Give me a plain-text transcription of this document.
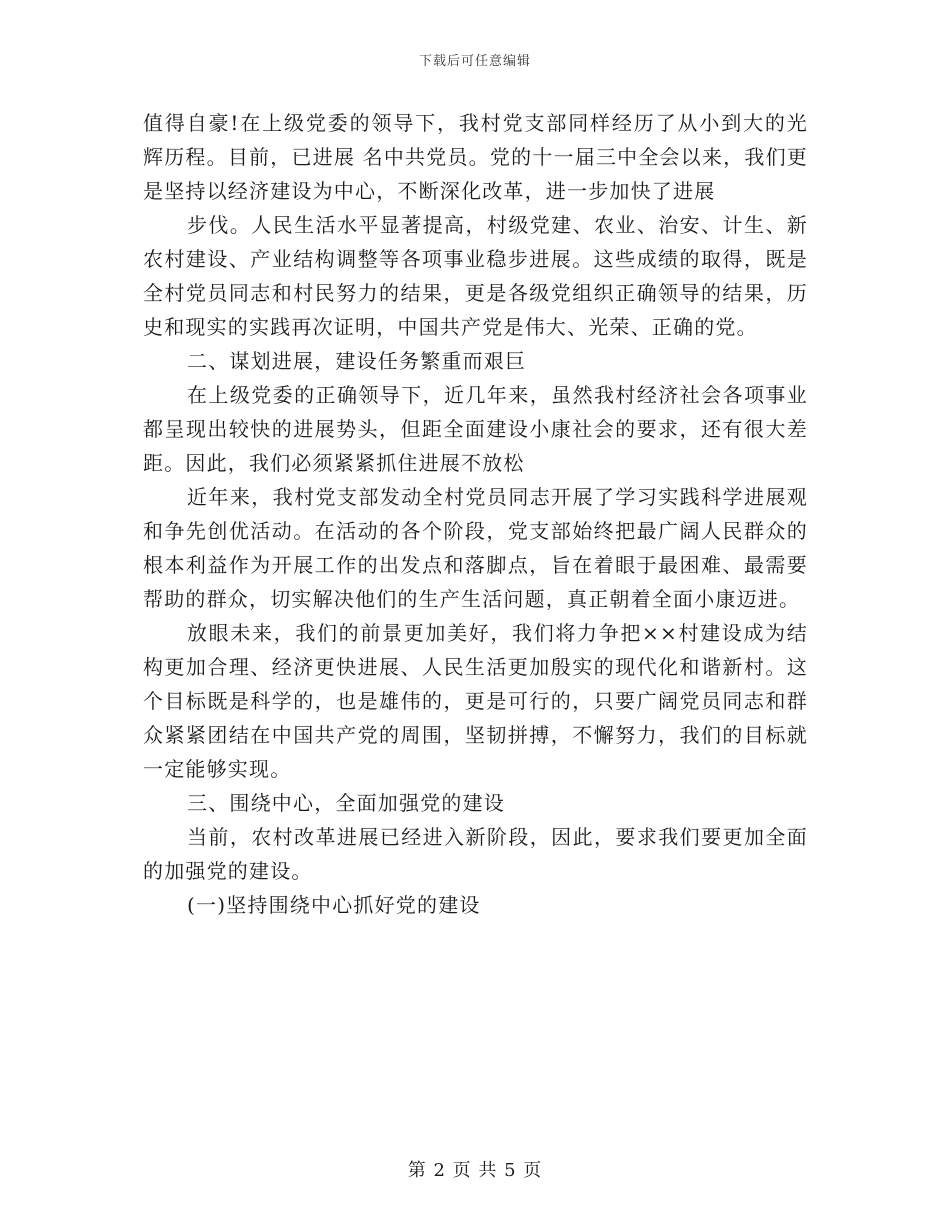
下载后可任意编辑

值得自豪!在上级党委的领导下，我村党支部同样经历了从小到大的光辉历程。目前，已进展 名中共党员。党的十一届三中全会以来，我们更是坚持以经济建设为中心，不断深化改革，进一步加快了进展

步伐。人民生活水平显著提高，村级党建、农业、治安、计生、新农村建设、产业结构调整等各项事业稳步进展。这些成绩的取得，既是全村党员同志和村民努力的结果，更是各级党组织正确领导的结果，历史和现实的实践再次证明，中国共产党是伟大、光荣、正确的党。

二、谋划进展，建设任务繁重而艰巨

在上级党委的正确领导下，近几年来，虽然我村经济社会各项事业都呈现出较快的进展势头，但距全面建设小康社会的要求，还有很大差距。因此，我们必须紧紧抓住进展不放松

近年来，我村党支部发动全村党员同志开展了学习实践科学进展观和争先创优活动。在活动的各个阶段，党支部始终把最广阔人民群众的根本利益作为开展工作的出发点和落脚点，旨在着眼于最困难、最需要帮助的群众，切实解决他们的生产生活问题，真正朝着全面小康迈进。

放眼未来，我们的前景更加美好，我们将力争把××村建设成为结构更加合理、经济更快进展、人民生活更加殷实的现代化和谐新村。这个目标既是科学的，也是雄伟的，更是可行的，只要广阔党员同志和群众紧紧团结在中国共产党的周围，坚韧拼搏，不懈努力，我们的目标就一定能够实现。

三、围绕中心，全面加强党的建设

当前，农村改革进展已经进入新阶段，因此，要求我们要更加全面的加强党的建设。

(一)坚持围绕中心抓好党的建设

第 2 页 共 5 页
